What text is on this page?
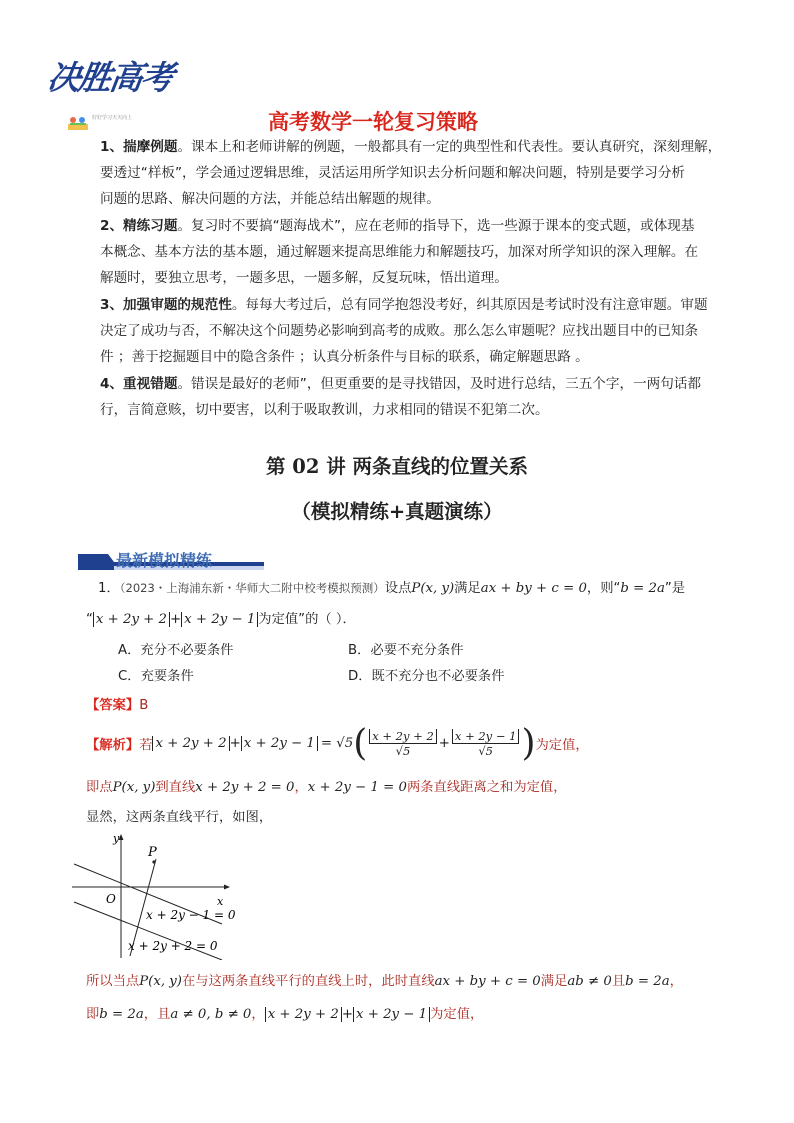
决胜高考
好好学习天天向上	高考数学一轮复习策略
1、揣摩例题。课本上和老师讲解的例题，一般都具有一定的典型性和代表性。要认真研究，深刻理解，
要透过“样板”，学会通过逻辑思维，灵活运用所学知识去分析问题和解决问题，特别是要学习分析
问题的思路、解决问题的方法，并能总结出解题的规律。
2、精练习题。复习时不要搞“题海战术”，应在老师的指导下，选一些源于课本的变式题，或体现基
本概念、基本方法的基本题，通过解题来提高思维能力和解题技巧，加深对所学知识的深入理解。在
解题时，要独立思考，一题多思，一题多解，反复玩味，悟出道理。
3、加强审题的规范性。每每大考过后，总有同学抱怨没考好，纠其原因是考试时没有注意审题。审题
决定了成功与否，不解决这个问题势必影响到高考的成败。那么怎么审题呢？应找出题目中的已知条
件 ；善于挖掘题目中的隐含条件 ；认真分析条件与目标的联系，确定解题思路 。
4、重视错题。错误是最好的老师”，但更重要的是寻找错因，及时进行总结，三五个字，一两句话都
行，言简意赅，切中要害，以利于吸取教训，力求相同的错误不犯第二次。
第 02 讲 两条直线的位置关系
（模拟精练+真题演练）
最新模拟精练
1．（2023・上海浦东新・华师大二附中校考模拟预测）设点P(x, y)满足ax + by + c = 0，则“b = 2a”是
“ x + 2y + 2 + x + 2y − 1 为定值”的（ ）．
A．充分不必要条件	B．必要不充分条件
C．充要条件	D．既不充分也不必要条件
【答案】B
【解析】 若 x + 2y + 2 + x + 2y − 1 = √5 ( $\frac{x + 2y + 2}{√5} + \frac{x + 2y - 1}{√5}$ ) 为定值，
即点P(x, y)到直线x + 2y + 2 = 0，x + 2y − 1 = 0两条直线距离之和为定值，
显然，这两条直线平行，如图，
y
x
O
P
x + 2y − 1 = 0
x + 2y + 2 = 0
所以当点P(x, y)在与这两条直线平行的直线上时，此时直线ax + by + c = 0满足ab ≠ 0且b = 2a，
即b = 2a，且a ≠ 0, b ≠ 0， x + 2y + 2 + x + 2y − 1 为定值，
